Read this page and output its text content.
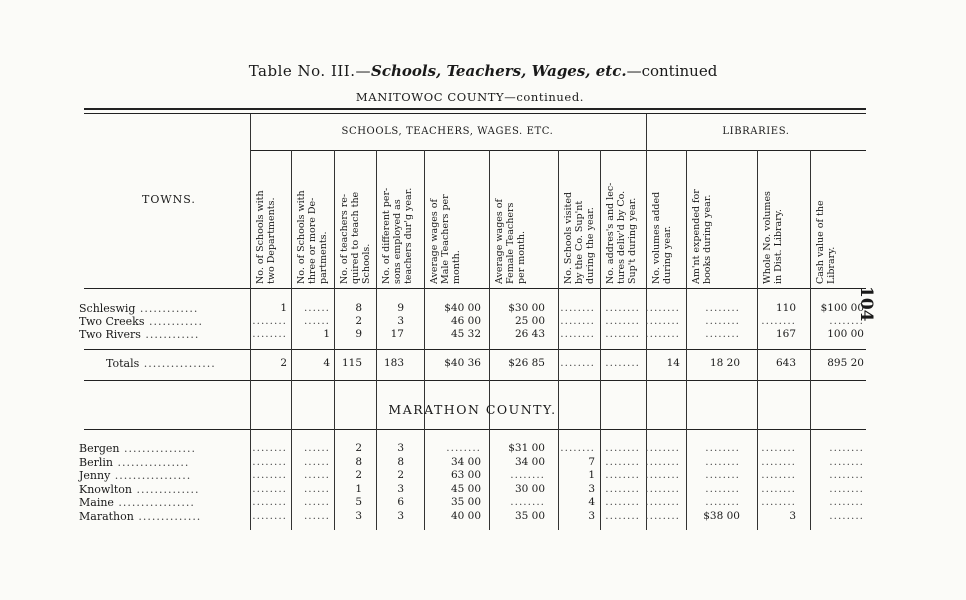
Table No. III.—Schools, Teachers, Wages, etc.—continued
MANITOWOC COUNTY—continued.
SCHOOLS, TEACHERS, WAGES. ETC.	LIBRARIES.
TOWNS.
No. of Schools with
two Departments.
No. of Schools with
three or more De-
partments. No. of teachers re-
quired to teach the
Schools. No. of different per-
sons employed as
teachers dur'g year.
Average wages of
Male Teachers per
month.	Average wages of
Female Teachers
per month.
No. Schools visited
by the Co. Sup'nt
during the year.
No. addres's and lec-
tures deliv'd by Co.
Sup't during year.
No. volumes added
during year.
Am'nt expended for
books during year.
Whole No. volumes
in Dist. Library.
Cash value of the
Library.
104
Schleswig .............	1 ...... 8	9	$40 00	$30 00 ........ ........ ........ ........	110 $100 00
Two Creeks ............	........ ...... 2	3	46 00	25 00 ........ ........ ........ ........ ........	........
Two Rivers ............	........	1 9	17	45 32	26 43 ........ ........ ........ ........	167	100 00
Totals ................	2	4 115 183	$40 36	$26 85 ........ ........	14	18 20	643	895 20
MARATHON COUNTY.
Bergen ................	........ ...... 2	3	........	$31 00 ........ ........ ........ ........ ........	........
Berlin ................	........ ...... 8	8	34 00	34 00	7 ........ ........ ........ ........	........
Jenny .................	........ ...... 2	2	63 00	........	1 ........ ........ ........ ........	........
Knowlton ..............	........ ...... 1	3	45 00	30 00	3 ........ ........ ........ ........	........
Maine .................	........ ...... 5	6	35 00	........	4 ........ ........ ........ ........	........
Marathon ..............	........ ...... 3	3	40 00	35 00	3 ........ ........ $38 00	3	........
